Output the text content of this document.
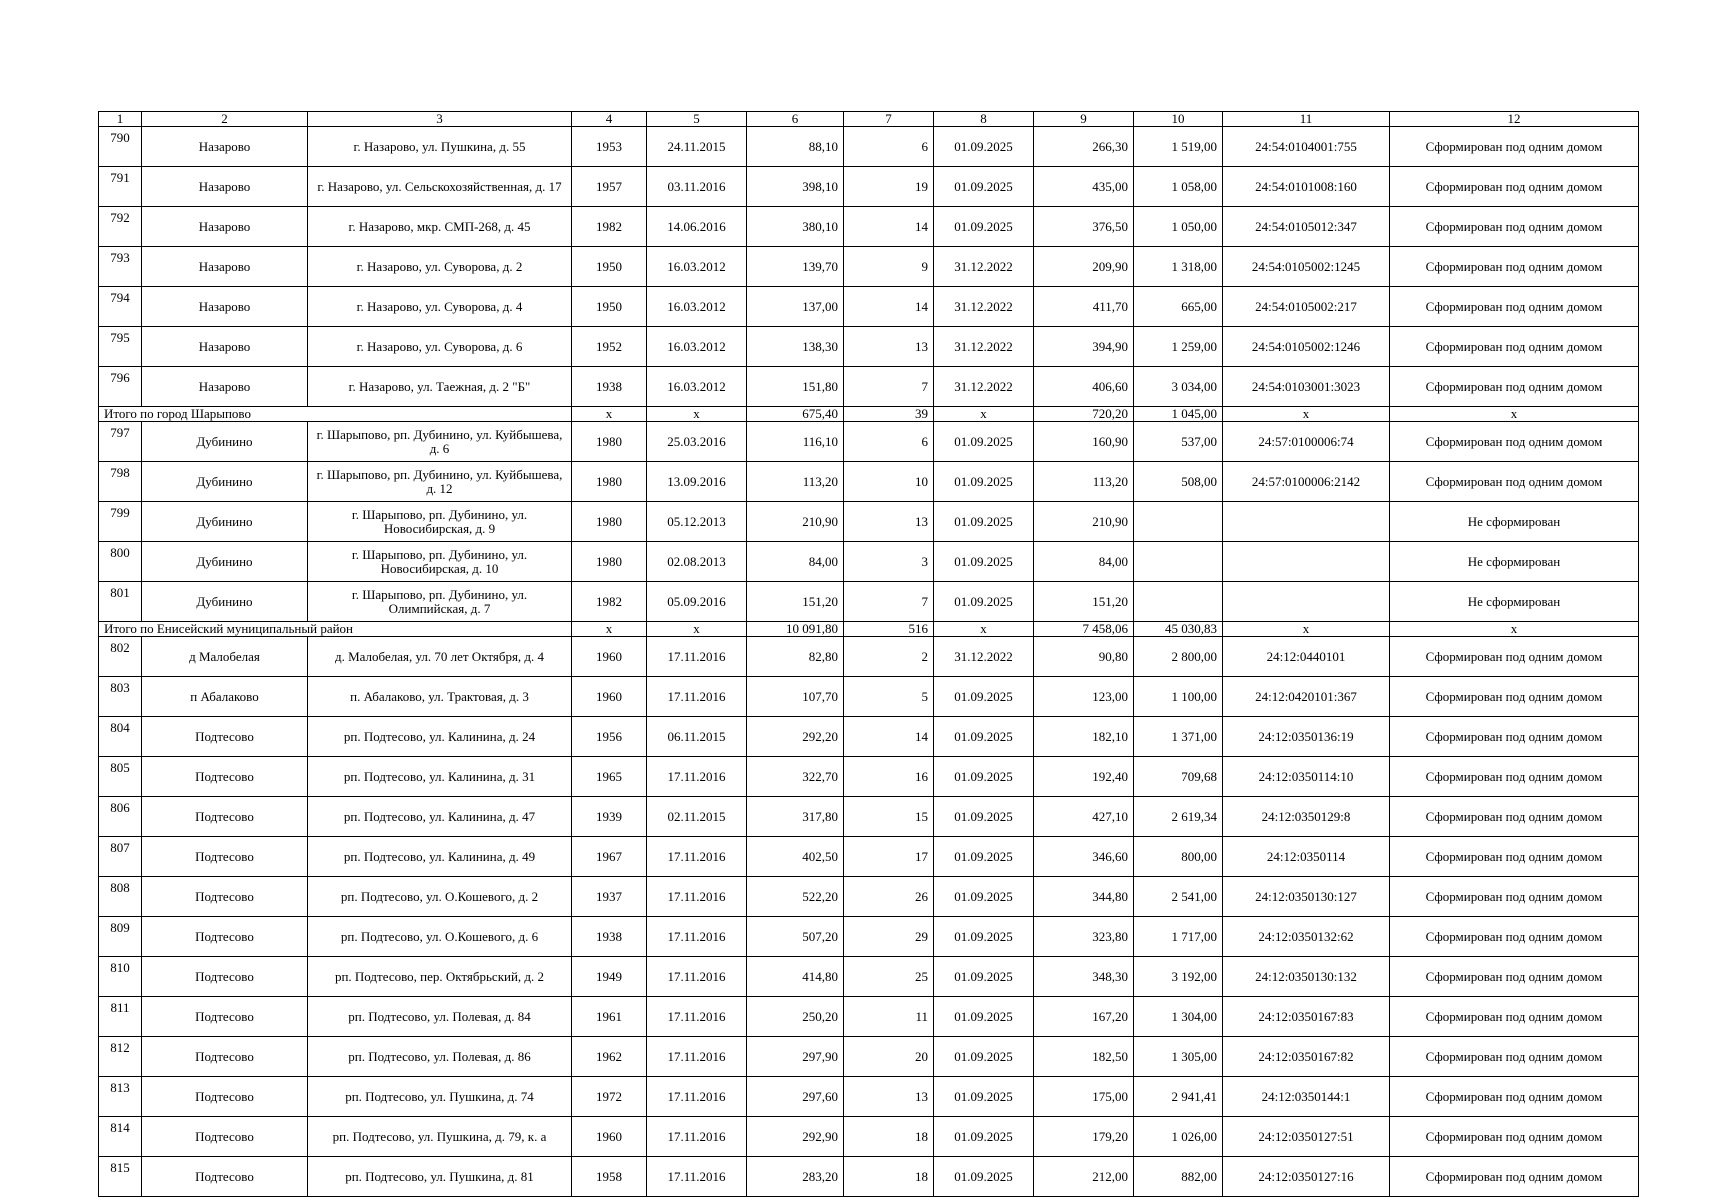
1	2	3	4	5	6	7	8	9	10	11	12
790	Назарово	г. Назарово, ул. Пушкина, д. 55	1953	24.11.2015	88,10	6	01.09.2025	266,30	1 519,00	24:54:0104001:755	Сформирован под одним домом
791	Назарово	г. Назарово, ул. Сельскохозяйственная, д. 17	1957	03.11.2016	398,10	19	01.09.2025	435,00	1 058,00	24:54:0101008:160	Сформирован под одним домом
792	Назарово	г. Назарово, мкр. СМП-268, д. 45	1982	14.06.2016	380,10	14	01.09.2025	376,50	1 050,00	24:54:0105012:347	Сформирован под одним домом
793	Назарово	г. Назарово, ул. Суворова, д. 2	1950	16.03.2012	139,70	9	31.12.2022	209,90	1 318,00	24:54:0105002:1245	Сформирован под одним домом
794	Назарово	г. Назарово, ул. Суворова, д. 4	1950	16.03.2012	137,00	14	31.12.2022	411,70	665,00	24:54:0105002:217	Сформирован под одним домом
795	Назарово	г. Назарово, ул. Суворова, д. 6	1952	16.03.2012	138,30	13	31.12.2022	394,90	1 259,00	24:54:0105002:1246	Сформирован под одним домом
796	Назарово	г. Назарово, ул. Таежная, д. 2 "Б"	1938	16.03.2012	151,80	7	31.12.2022	406,60	3 034,00	24:54:0103001:3023	Сформирован под одним домом
Итого по город Шарыпово			x	x	675,40	39	x	720,20	1 045,00	x	x
797	Дубинино	г. Шарыпово, рп. Дубинино, ул. Куйбышева, д. 6	1980	25.03.2016	116,10	6	01.09.2025	160,90	537,00	24:57:0100006:74	Сформирован под одним домом
798	Дубинино	г. Шарыпово, рп. Дубинино, ул. Куйбышева, д. 12	1980	13.09.2016	113,20	10	01.09.2025	113,20	508,00	24:57:0100006:2142	Сформирован под одним домом
799	Дубинино	г. Шарыпово, рп. Дубинино, ул. Новосибирская, д. 9	1980	05.12.2013	210,90	13	01.09.2025	210,90			Не сформирован
800	Дубинино	г. Шарыпово, рп. Дубинино, ул. Новосибирская, д. 10	1980	02.08.2013	84,00	3	01.09.2025	84,00			Не сформирован
801	Дубинино	г. Шарыпово, рп. Дубинино, ул. Олимпийская, д. 7	1982	05.09.2016	151,20	7	01.09.2025	151,20			Не сформирован
Итого по Енисейский муниципальный район			x	x	10 091,80	516	x	7 458,06	45 030,83	x	x
802	д Малобелая	д. Малобелая, ул. 70 лет Октября, д. 4	1960	17.11.2016	82,80	2	31.12.2022	90,80	2 800,00	24:12:0440101	Сформирован под одним домом
803	п Абалаково	п. Абалаково, ул. Трактовая, д. 3	1960	17.11.2016	107,70	5	01.09.2025	123,00	1 100,00	24:12:0420101:367	Сформирован под одним домом
804	Подтесово	рп. Подтесово, ул. Калинина, д. 24	1956	06.11.2015	292,20	14	01.09.2025	182,10	1 371,00	24:12:0350136:19	Сформирован под одним домом
805	Подтесово	рп. Подтесово, ул. Калинина, д. 31	1965	17.11.2016	322,70	16	01.09.2025	192,40	709,68	24:12:0350114:10	Сформирован под одним домом
806	Подтесово	рп. Подтесово, ул. Калинина, д. 47	1939	02.11.2015	317,80	15	01.09.2025	427,10	2 619,34	24:12:0350129:8	Сформирован под одним домом
807	Подтесово	рп. Подтесово, ул. Калинина, д. 49	1967	17.11.2016	402,50	17	01.09.2025	346,60	800,00	24:12:0350114	Сформирован под одним домом
808	Подтесово	рп. Подтесово, ул. О.Кошевого, д. 2	1937	17.11.2016	522,20	26	01.09.2025	344,80	2 541,00	24:12:0350130:127	Сформирован под одним домом
809	Подтесово	рп. Подтесово, ул. О.Кошевого, д. 6	1938	17.11.2016	507,20	29	01.09.2025	323,80	1 717,00	24:12:0350132:62	Сформирован под одним домом
810	Подтесово	рп. Подтесово, пер. Октябрьский, д. 2	1949	17.11.2016	414,80	25	01.09.2025	348,30	3 192,00	24:12:0350130:132	Сформирован под одним домом
811	Подтесово	рп. Подтесово, ул. Полевая, д. 84	1961	17.11.2016	250,20	11	01.09.2025	167,20	1 304,00	24:12:0350167:83	Сформирован под одним домом
812	Подтесово	рп. Подтесово, ул. Полевая, д. 86	1962	17.11.2016	297,90	20	01.09.2025	182,50	1 305,00	24:12:0350167:82	Сформирован под одним домом
813	Подтесово	рп. Подтесово, ул. Пушкина, д. 74	1972	17.11.2016	297,60	13	01.09.2025	175,00	2 941,41	24:12:0350144:1	Сформирован под одним домом
814	Подтесово	рп. Подтесово, ул. Пушкина, д. 79, к. а	1960	17.11.2016	292,90	18	01.09.2025	179,20	1 026,00	24:12:0350127:51	Сформирован под одним домом
815	Подтесово	рп. Подтесово, ул. Пушкина, д. 81	1958	17.11.2016	283,20	18	01.09.2025	212,00	882,00	24:12:0350127:16	Сформирован под одним домом
